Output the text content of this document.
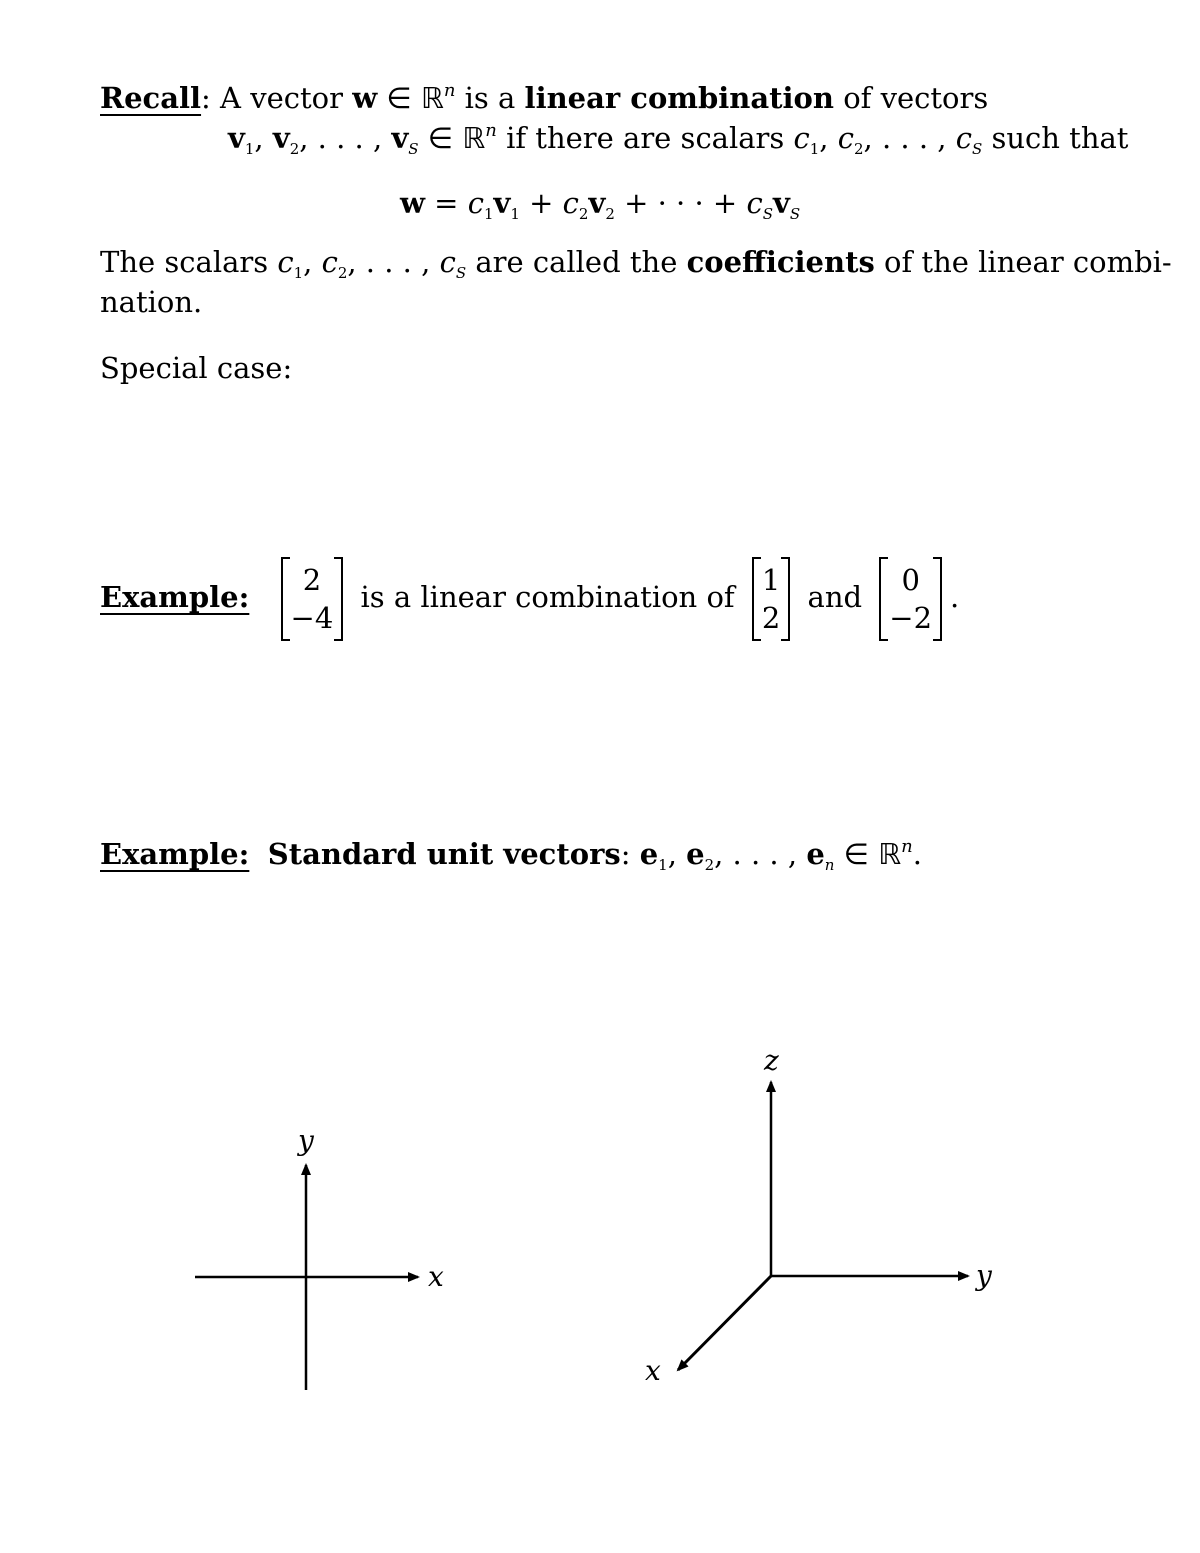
Recall: A vector w ∈ ℝ$^n$ is a linear combination of vectors
$v_1$, $v_2$, . . . , $v_S$ ∈ ℝ$^n$ if there are scalars $c_1$, $c_2$, . . . , $c_S$ such that
$w = c_1v_1 + c_2v_2$ + · · · + $c_Sv_S$
The scalars $c_1$, $c_2$, . . . , $c_S$ are called the coefficients of the linear combi-
nation.
Special case:
Example: 2
−4
is a linear combination of 1
2
and 0
−2
.
Example: Standard unit vectors: $e_1$, $e_2$, . . . , $e_n$ ∈ ℝ$^n$.
x
y
y
z
x
